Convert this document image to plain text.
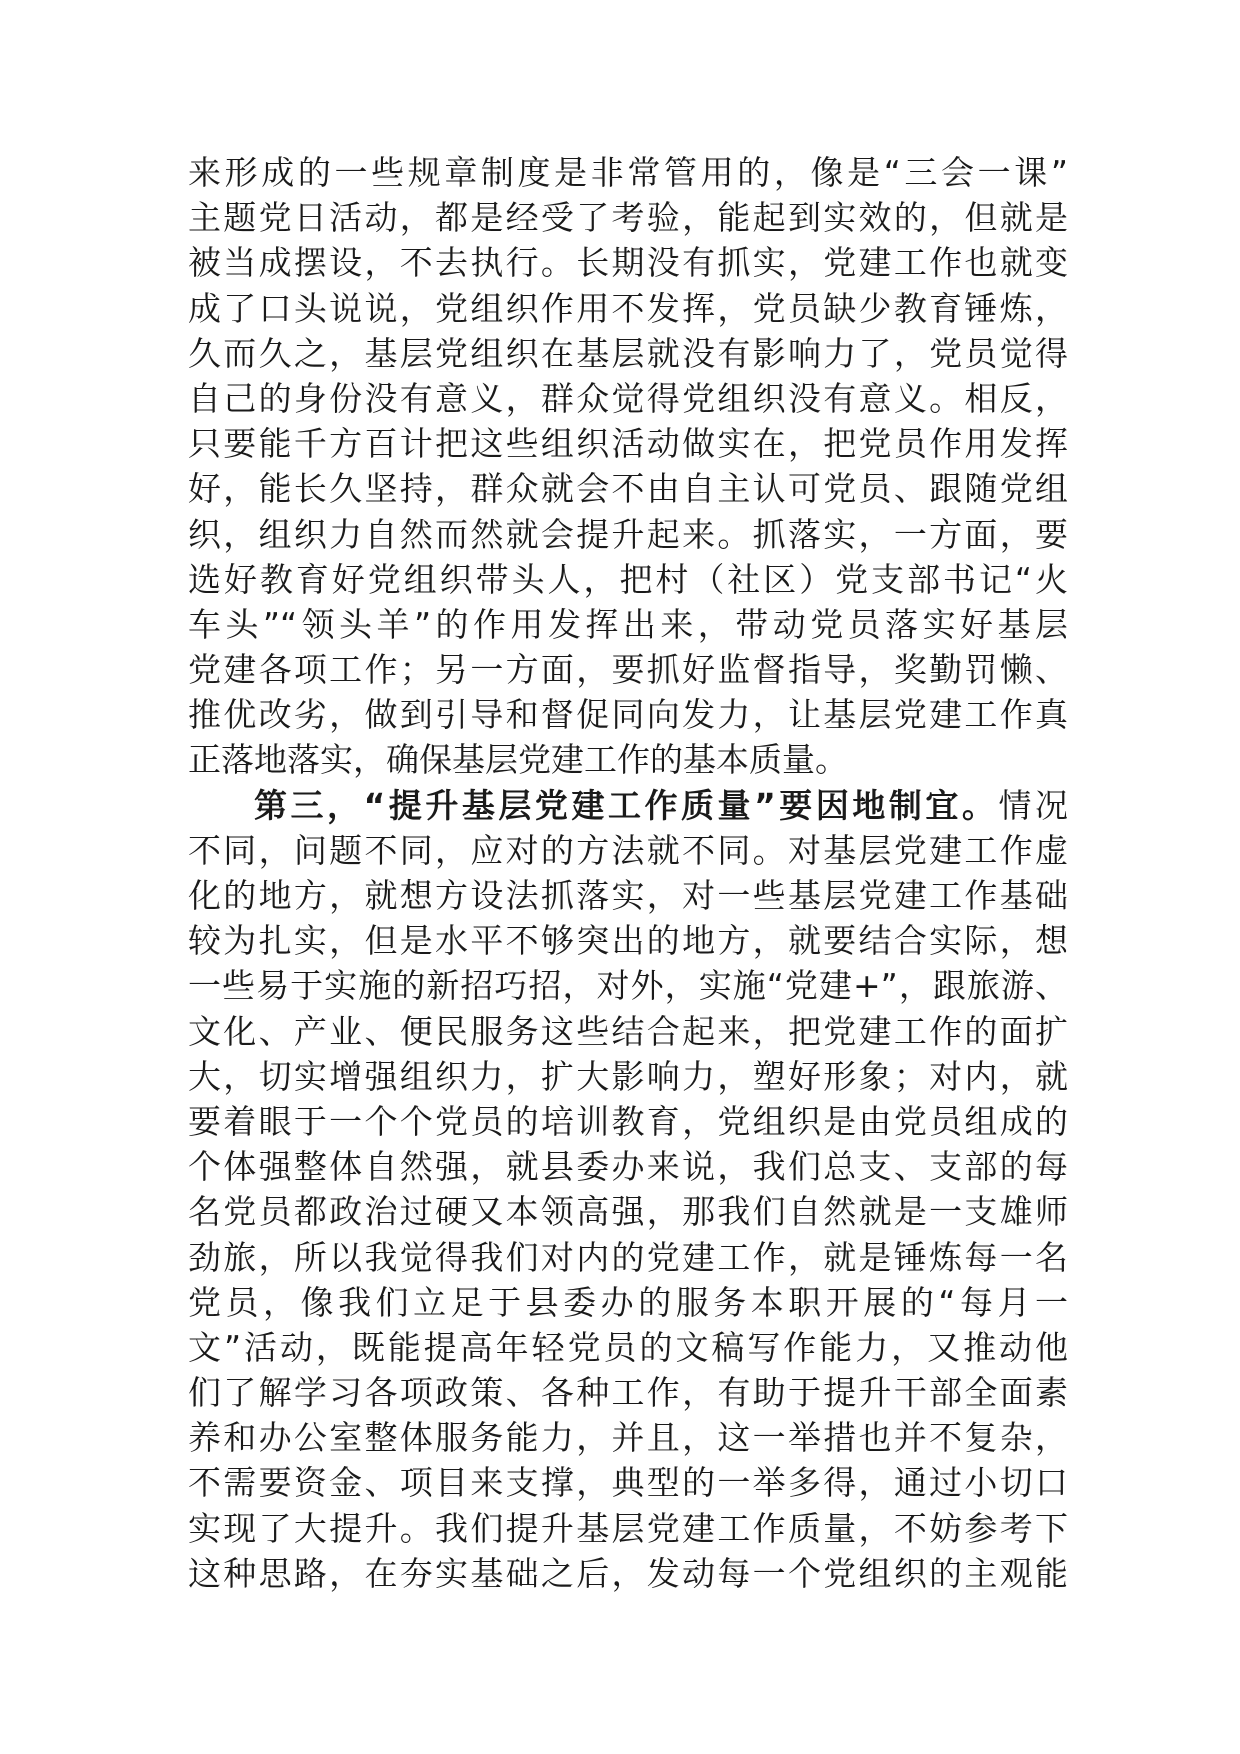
来形成的一些规章制度是非常管用的，像是“三会一课”
主题党日活动，都是经受了考验，能起到实效的，但就是
被当成摆设，不去执行。长期没有抓实，党建工作也就变
成了口头说说，党组织作用不发挥，党员缺少教育锤炼，
久而久之，基层党组织在基层就没有影响力了，党员觉得
自己的身份没有意义，群众觉得党组织没有意义。相反，
只要能千方百计把这些组织活动做实在，把党员作用发挥
好，能长久坚持，群众就会不由自主认可党员、跟随党组
织，组织力自然而然就会提升起来。抓落实，一方面，要
选好教育好党组织带头人，把村（社区）党支部书记“火
车头”“领头羊”的作用发挥出来，带动党员落实好基层
党建各项工作；另一方面，要抓好监督指导，奖勤罚懒、
推优改劣，做到引导和督促同向发力，让基层党建工作真
正落地落实，确保基层党建工作的基本质量。
第三，“提升基层党建工作质量”要因地制宜。情况
不同，问题不同，应对的方法就不同。对基层党建工作虚
化的地方，就想方设法抓落实，对一些基层党建工作基础
较为扎实，但是水平不够突出的地方，就要结合实际，想
一些易于实施的新招巧招，对外，实施“党建+”，跟旅游、
文化、产业、便民服务这些结合起来，把党建工作的面扩
大，切实增强组织力，扩大影响力，塑好形象；对内，就
要着眼于一个个党员的培训教育，党组织是由党员组成的
个体强整体自然强，就县委办来说，我们总支、支部的每
名党员都政治过硬又本领高强，那我们自然就是一支雄师
劲旅，所以我觉得我们对内的党建工作，就是锤炼每一名
党员，像我们立足于县委办的服务本职开展的“每月一
文”活动，既能提高年轻党员的文稿写作能力，又推动他
们了解学习各项政策、各种工作，有助于提升干部全面素
养和办公室整体服务能力，并且，这一举措也并不复杂，
不需要资金、项目来支撑，典型的一举多得，通过小切口
实现了大提升。我们提升基层党建工作质量，不妨参考下
这种思路，在夯实基础之后，发动每一个党组织的主观能
